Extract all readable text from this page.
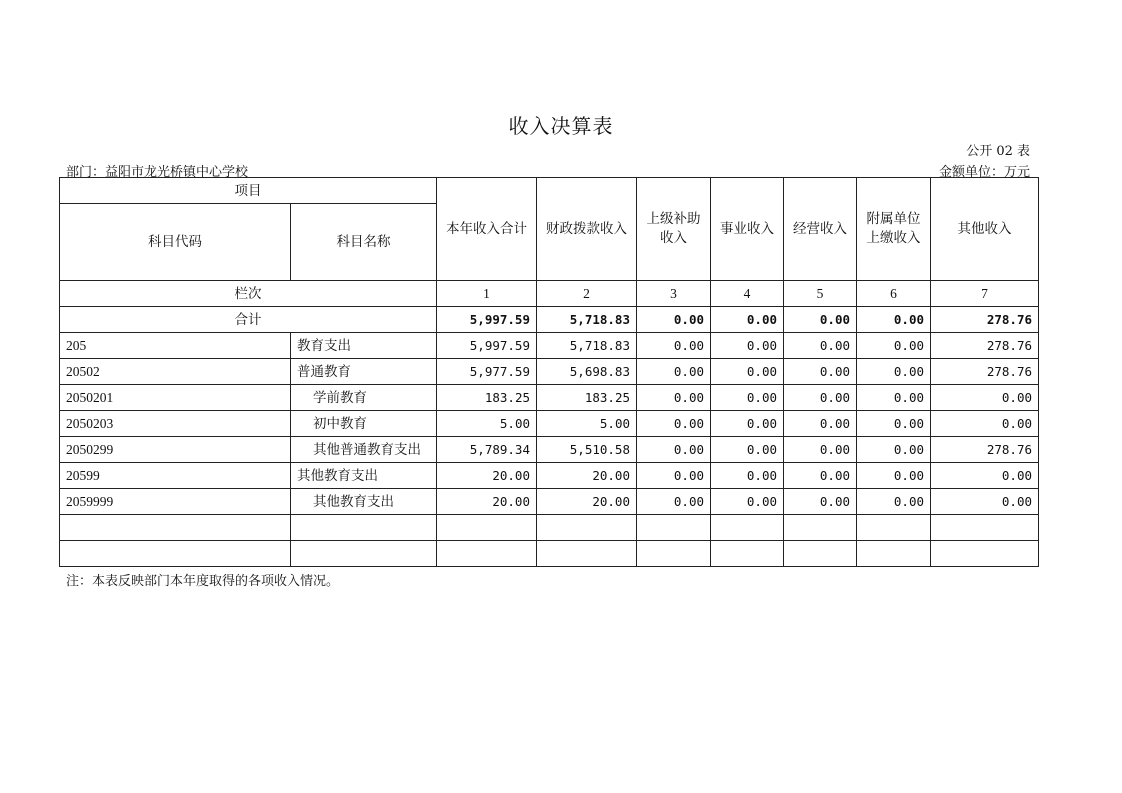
收入决算表
公开 02 表
部门：益阳市龙光桥镇中心学校	金额单位：万元
项目		本年收入合计	财政拨款收入	上级补助收入	事业收入	经营收入	附属单位上缴收入	其他收入
科目代码	科目名称							
栏次		1	2	3	4	5	6	7
合计		5,997.59	5,718.83	0.00	0.00	0.00	0.00	278.76
205	教育支出	5,997.59	5,718.83	0.00	0.00	0.00	0.00	278.76
20502	普通教育	5,977.59	5,698.83	0.00	0.00	0.00	0.00	278.76
2050201	学前教育	183.25	183.25	0.00	0.00	0.00	0.00	0.00
2050203	初中教育	5.00	5.00	0.00	0.00	0.00	0.00	0.00
2050299	其他普通教育支出	5,789.34	5,510.58	0.00	0.00	0.00	0.00	278.76
20599	其他教育支出	20.00	20.00	0.00	0.00	0.00	0.00	0.00
2059999	其他教育支出	20.00	20.00	0.00	0.00	0.00	0.00	0.00

注：本表反映部门本年度取得的各项收入情况。
